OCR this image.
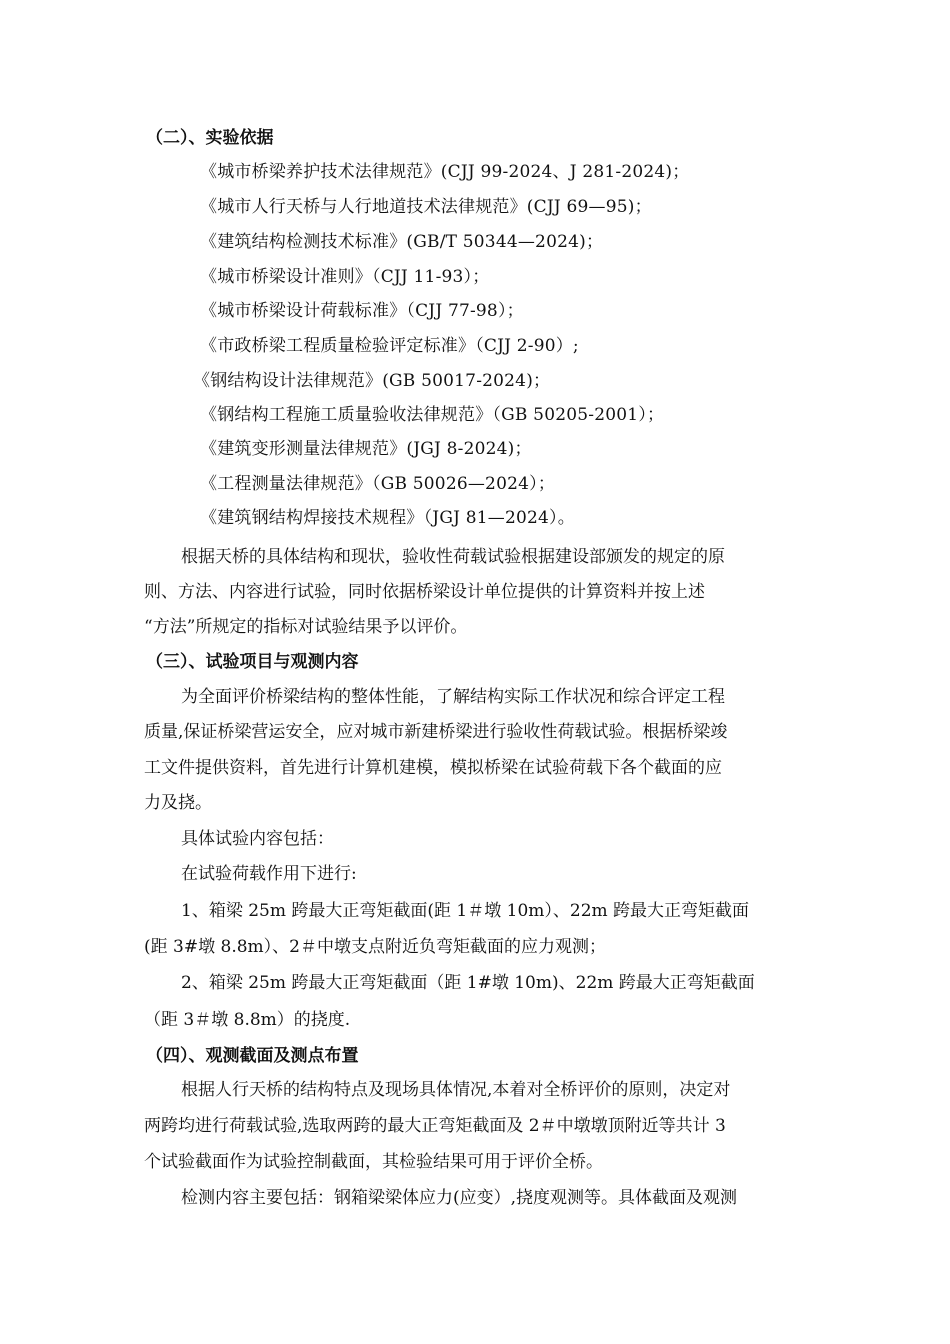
（二）、实验依据
《城市桥梁养护技术法律规范》(CJJ 99-2024、J 281-2024)；
《城市人行天桥与人行地道技术法律规范》(CJJ 69—95)；
《建筑结构检测技术标准》(GB/T 50344—2024)；
《城市桥梁设计准则》（CJJ 11-93）；
《城市桥梁设计荷载标准》（CJJ 77-98）；
《市政桥梁工程质量检验评定标准》（CJJ 2-90）;
《钢结构设计法律规范》(GB 50017-2024)；
《钢结构工程施工质量验收法律规范》（GB 50205-2001）；
《建筑变形测量法律规范》(JGJ 8-2024)；
《工程测量法律规范》（GB 50026—2024）；
《建筑钢结构焊接技术规程》（JGJ 81—2024）。
根据天桥的具体结构和现状，验收性荷载试验根据建设部颁发的规定的原
则、方法、内容进行试验，同时依据桥梁设计单位提供的计算资料并按上述
“方法”所规定的指标对试验结果予以评价。
（三）、试验项目与观测内容
为全面评价桥梁结构的整体性能，了解结构实际工作状况和综合评定工程
质量,保证桥梁营运安全，应对城市新建桥梁进行验收性荷载试验。根据桥梁竣
工文件提供资料，首先进行计算机建模，模拟桥梁在试验荷载下各个截面的应
力及挠。
具体试验内容包括：
在试验荷载作用下进行:
1、箱梁 25m 跨最大正弯矩截面(距 1＃墩 10m）、22m 跨最大正弯矩截面
(距 3#墩 8.8m）、2＃中墩支点附近负弯矩截面的应力观测；
2、箱梁 25m 跨最大正弯矩截面（距 1#墩 10m)、22m 跨最大正弯矩截面
（距 3＃墩 8.8m）的挠度.
（四）、观测截面及测点布置
根据人行天桥的结构特点及现场具体情况,本着对全桥评价的原则，决定对
两跨均进行荷载试验,选取两跨的最大正弯矩截面及 2＃中墩墩顶附近等共计 3
个试验截面作为试验控制截面，其检验结果可用于评价全桥。
检测内容主要包括：钢箱梁梁体应力(应变）,挠度观测等。具体截面及观测
